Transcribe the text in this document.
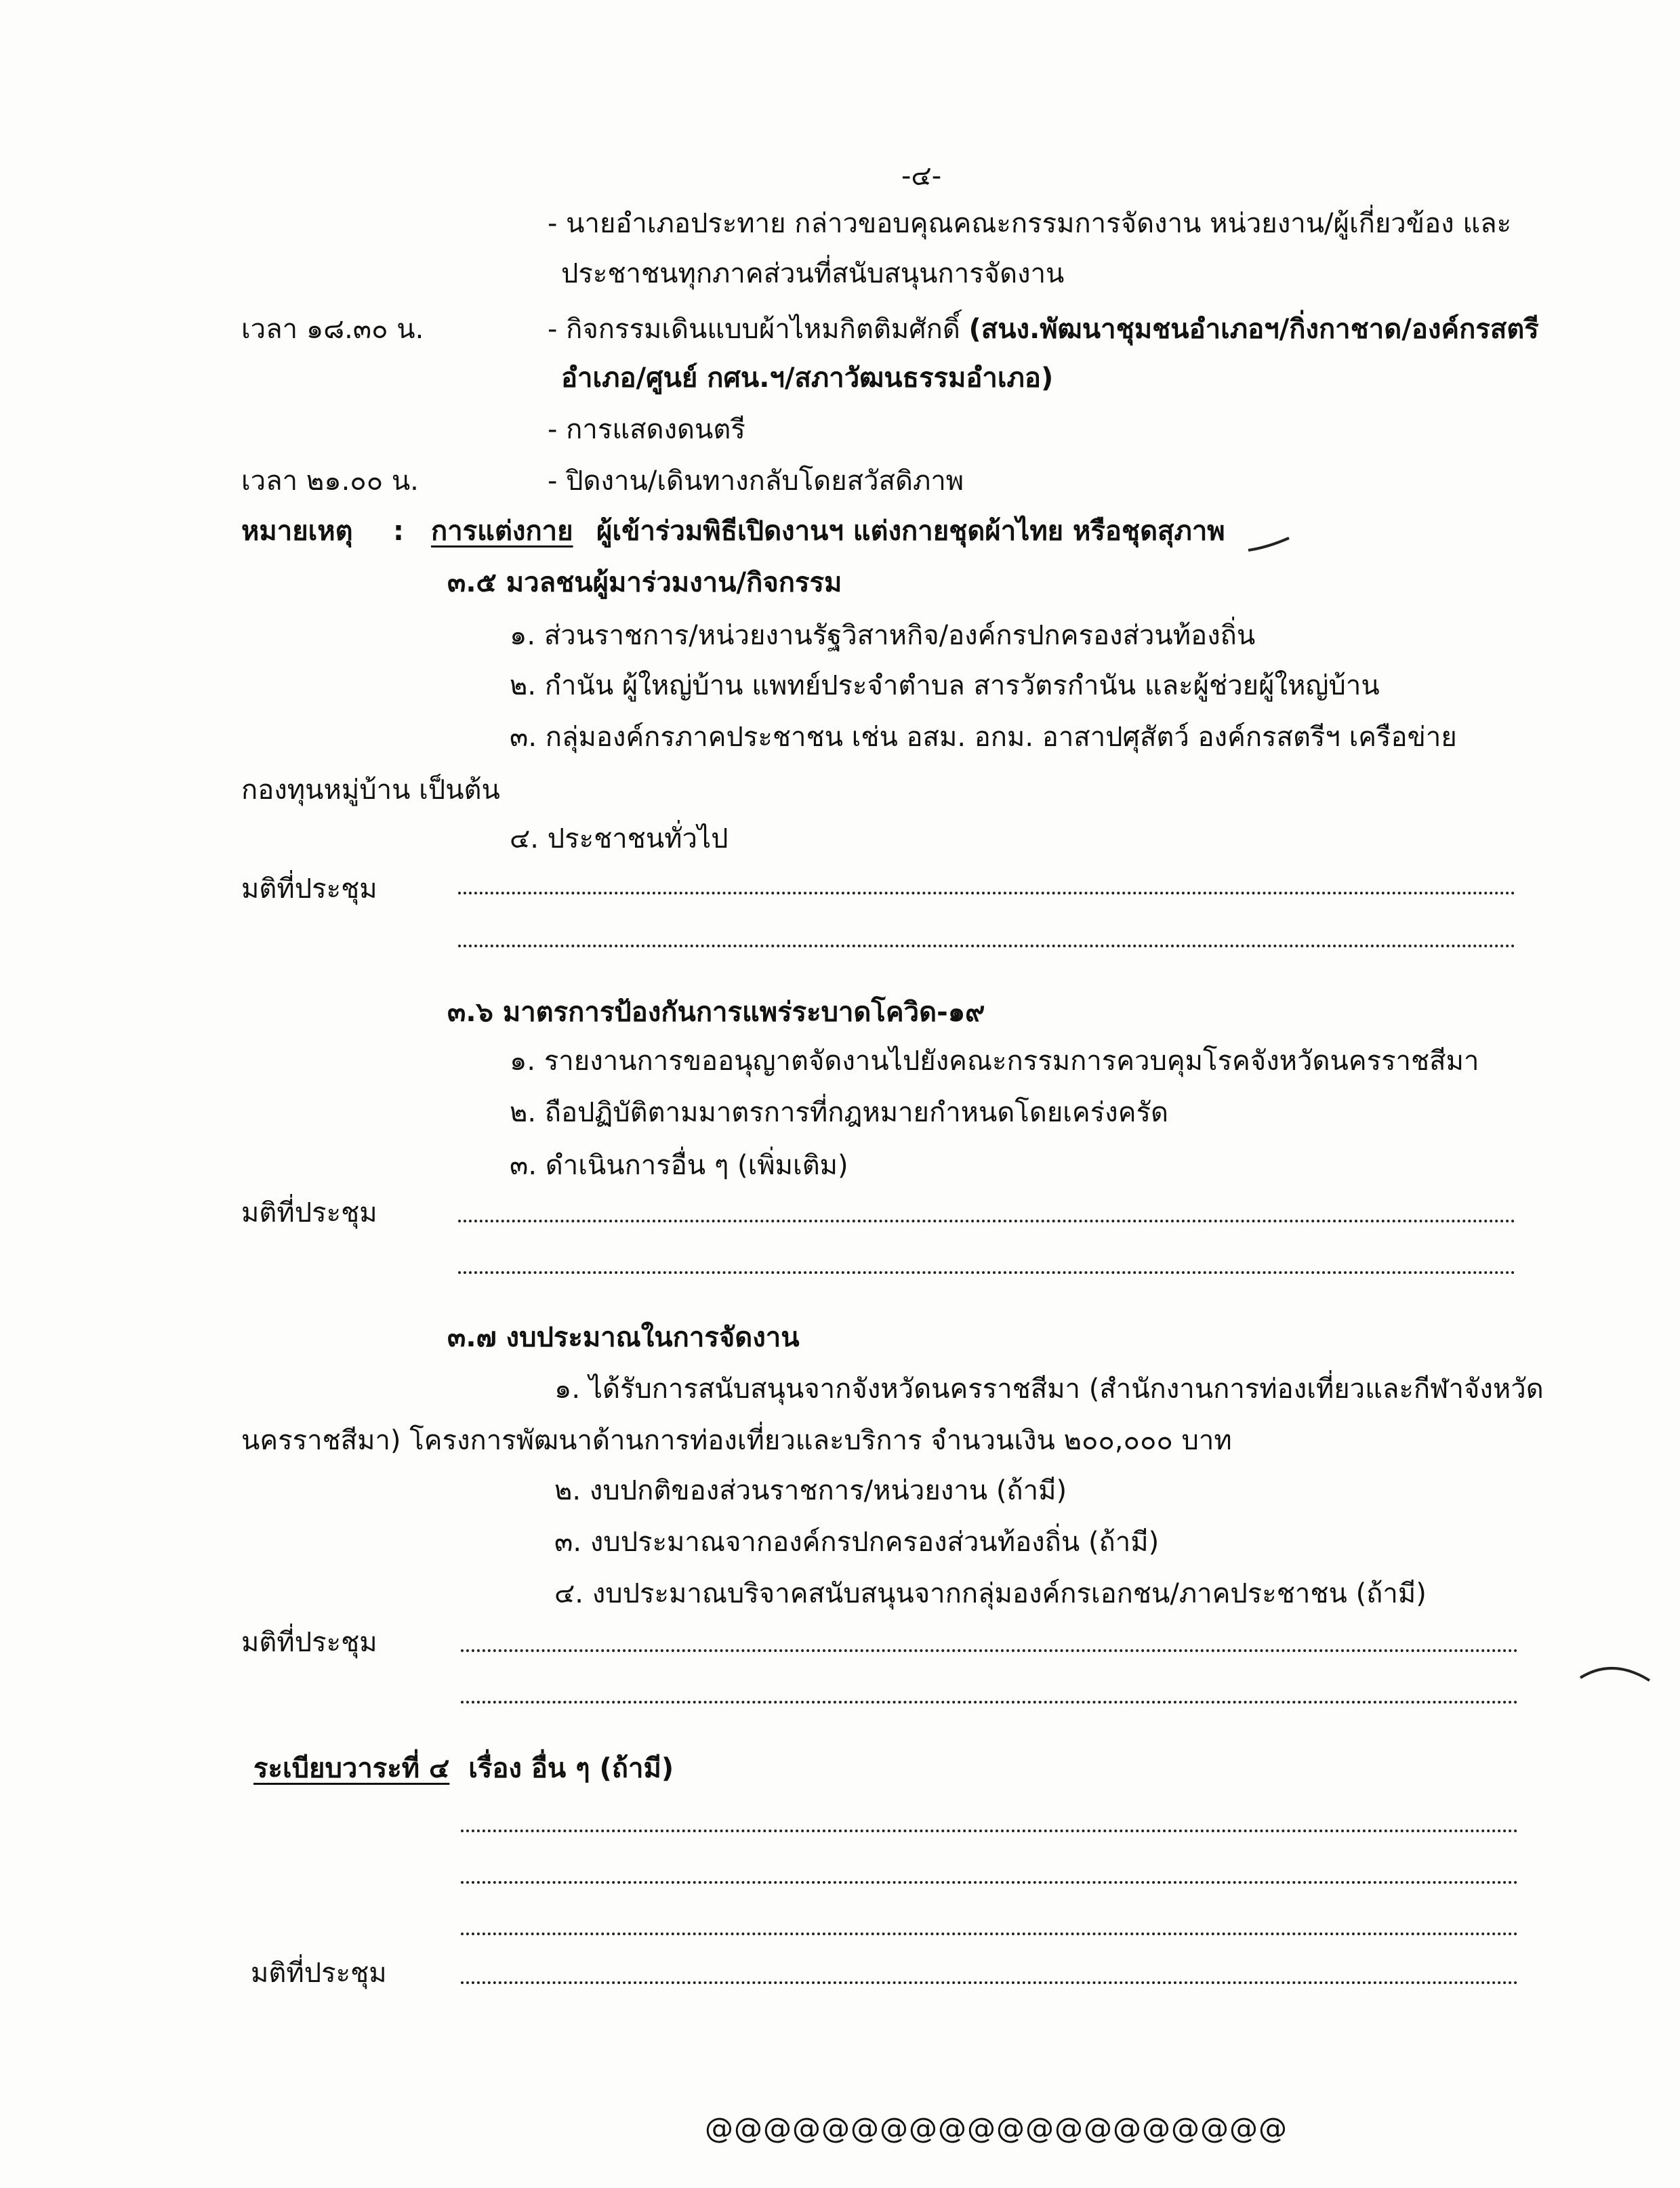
-๔-
- นายอำเภอประทาย กล่าวขอบคุณคณะกรรมการจัดงาน หน่วยงาน/ผู้เกี่ยวข้อง และ
ประชาชนทุกภาคส่วนที่สนับสนุนการจัดงาน
เวลา ๑๘.๓๐ น.	- กิจกรรมเดินแบบผ้าไหมกิตติมศักดิ์ (สนง.พัฒนาชุมชนอำเภอฯ/กิ่งกาชาด/องค์กรสตรี
อำเภอ/ศูนย์ กศน.ฯ/สภาวัฒนธรรมอำเภอ)
- การแสดงดนตรี
เวลา ๒๑.๐๐ น.	- ปิดงาน/เดินทางกลับโดยสวัสดิภาพ
หมายเหตุ : การแต่งกาย ผู้เข้าร่วมพิธีเปิดงานฯ แต่งกายชุดผ้าไทย หรือชุดสุภาพ
๓.๕ มวลชนผู้มาร่วมงาน/กิจกรรม
๑. ส่วนราชการ/หน่วยงานรัฐวิสาหกิจ/องค์กรปกครองส่วนท้องถิ่น
๒. กำนัน ผู้ใหญ่บ้าน แพทย์ประจำตำบล สารวัตรกำนัน และผู้ช่วยผู้ใหญ่บ้าน
๓. กลุ่มองค์กรภาคประชาชน เช่น อสม. อกม. อาสาปศุสัตว์ องค์กรสตรีฯ เครือข่าย
กองทุนหมู่บ้าน เป็นต้น
๔. ประชาชนทั่วไป
มติที่ประชุม
๓.๖ มาตรการป้องกันการแพร่ระบาดโควิด-๑๙
๑. รายงานการขออนุญาตจัดงานไปยังคณะกรรมการควบคุมโรคจังหวัดนครราชสีมา
๒. ถือปฏิบัติตามมาตรการที่กฎหมายกำหนดโดยเคร่งครัด
๓. ดำเนินการอื่น ๆ (เพิ่มเติม)
มติที่ประชุม
๓.๗ งบประมาณในการจัดงาน
๑. ได้รับการสนับสนุนจากจังหวัดนครราชสีมา (สำนักงานการท่องเที่ยวและกีฬาจังหวัด
นครราชสีมา) โครงการพัฒนาด้านการท่องเที่ยวและบริการ จำนวนเงิน ๒๐๐,๐๐๐ บาท
๒. งบปกติของส่วนราชการ/หน่วยงาน (ถ้ามี)
๓. งบประมาณจากองค์กรปกครองส่วนท้องถิ่น (ถ้ามี)
๔. งบประมาณบริจาคสนับสนุนจากกลุ่มองค์กรเอกชน/ภาคประชาชน (ถ้ามี)
มติที่ประชุม
ระเบียบวาระที่ ๔ เรื่อง อื่น ๆ (ถ้ามี)
มติที่ประชุม
@@@@@@@@@@@@@@@@@@@@
